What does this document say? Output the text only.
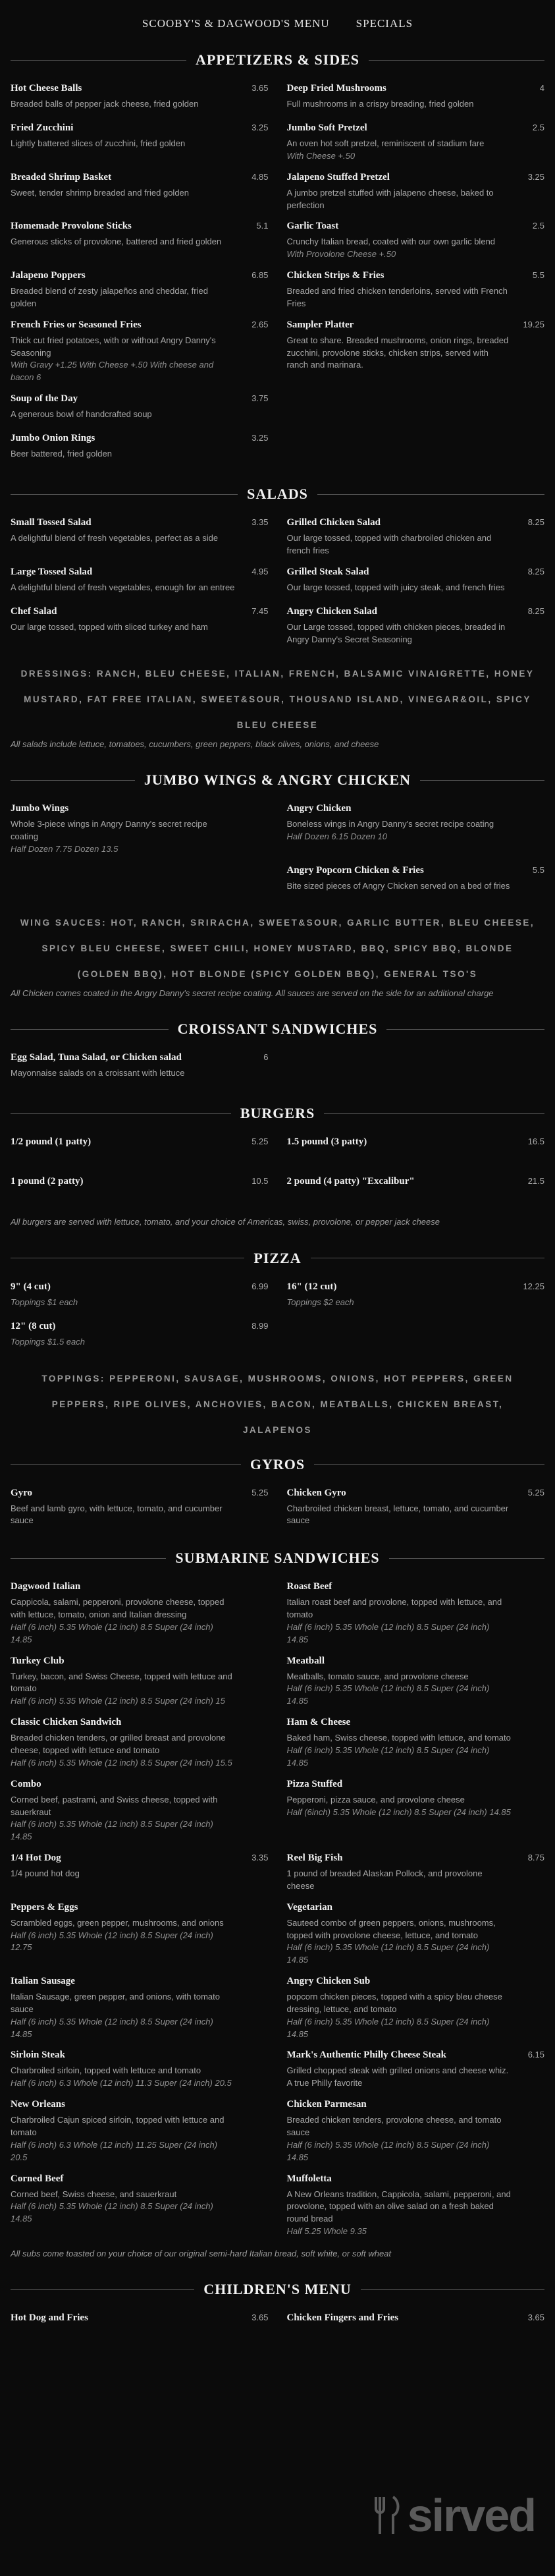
SCOOBY'S & DAGWOOD'S MENU SPECIALS
APPETIZERS & SIDES
Hot Cheese Balls	3.65
Breaded balls of pepper jack cheese, fried golden
Deep Fried Mushrooms	4
Full mushrooms in a crispy breading, fried golden
Fried Zucchini	3.25
Lightly battered slices of zucchini, fried golden
Jumbo Soft Pretzel	2.5
An oven hot soft pretzel, reminiscent of stadium fare
With Cheese +.50
Breaded Shrimp Basket	4.85
Sweet, tender shrimp breaded and fried golden
Jalapeno Stuffed Pretzel	3.25
A jumbo pretzel stuffed with jalapeno cheese, baked to perfection
Homemade Provolone Sticks	5.1
Generous sticks of provolone, battered and fried golden
Garlic Toast	2.5
Crunchy Italian bread, coated with our own garlic blend
With Provolone Cheese +.50
Jalapeno Poppers	6.85
Breaded blend of zesty jalapeños and cheddar, fried golden
Chicken Strips & Fries	5.5
Breaded and fried chicken tenderloins, served with French Fries
French Fries or Seasoned Fries	2.65
Thick cut fried potatoes, with or without Angry Danny's Seasoning
With Gravy +1.25 With Cheese +.50 With cheese and bacon 6
Sampler Platter	19.25
Great to share. Breaded mushrooms, onion rings, breaded zucchini, provolone sticks, chicken strips, served with ranch and marinara.
Soup of the Day	3.75
A generous bowl of handcrafted soup
Jumbo Onion Rings	3.25
Beer battered, fried golden
SALADS
Small Tossed Salad	3.35
A delightful blend of fresh vegetables, perfect as a side
Grilled Chicken Salad	8.25
Our large tossed, topped with charbroiled chicken and french fries
Large Tossed Salad	4.95
A delightful blend of fresh vegetables, enough for an entree
Grilled Steak Salad	8.25
Our large tossed, topped with juicy steak, and french fries
Chef Salad	7.45
Our large tossed, topped with sliced turkey and ham
Angry Chicken Salad	8.25
Our Large tossed, topped with chicken pieces, breaded in Angry Danny's Secret Seasoning
DRESSINGS: RANCH, BLEU CHEESE, ITALIAN, FRENCH, BALSAMIC VINAIGRETTE, HONEY MUSTARD, FAT FREE ITALIAN, SWEET&SOUR, THOUSAND ISLAND, VINEGAR&OIL, SPICY BLEU CHEESE
All salads include lettuce, tomatoes, cucumbers, green peppers, black olives, onions, and cheese
JUMBO WINGS & ANGRY CHICKEN
Jumbo Wings
Whole 3-piece wings in Angry Danny's secret recipe coating
Half Dozen 7.75 Dozen 13.5
Angry Chicken
Boneless wings in Angry Danny's secret recipe coating
Half Dozen 6.15 Dozen 10
Angry Popcorn Chicken & Fries	5.5
Bite sized pieces of Angry Chicken served on a bed of fries
WING SAUCES: HOT, RANCH, SRIRACHA, SWEET&SOUR, GARLIC BUTTER, BLEU CHEESE, SPICY BLEU CHEESE, SWEET CHILI, HONEY MUSTARD, BBQ, SPICY BBQ, BLONDE (GOLDEN BBQ), HOT BLONDE (SPICY GOLDEN BBQ), GENERAL TSO'S
All Chicken comes coated in the Angry Danny's secret recipe coating. All sauces are served on the side for an additional charge
CROISSANT SANDWICHES
Egg Salad, Tuna Salad, or Chicken salad	6
Mayonnaise salads on a croissant with lettuce
BURGERS
1/2 pound (1 patty)	5.25 1.5 pound (3 patty)	16.5
1 pound (2 patty)	10.5 2 pound (4 patty) "Excalibur"	21.5
All burgers are served with lettuce, tomato, and your choice of Americas, swiss, provolone, or pepper jack cheese
PIZZA
9" (4 cut)	6.99
Toppings $1 each
16" (12 cut)	12.25
Toppings $2 each
12" (8 cut)	8.99
Toppings $1.5 each
TOPPINGS: PEPPERONI, SAUSAGE, MUSHROOMS, ONIONS, HOT PEPPERS, GREEN PEPPERS, RIPE OLIVES, ANCHOVIES, BACON, MEATBALLS, CHICKEN BREAST, JALAPENOS
GYROS
Gyro	5.25
Beef and lamb gyro, with lettuce, tomato, and cucumber sauce
Chicken Gyro	5.25
Charbroiled chicken breast, lettuce, tomato, and cucumber sauce
SUBMARINE SANDWICHES
Dagwood Italian
Cappicola, salami, pepperoni, provolone cheese, topped with lettuce, tomato, onion and Italian dressing
Half (6 inch) 5.35 Whole (12 inch) 8.5 Super (24 inch) 14.85
Roast Beef
Italian roast beef and provolone, topped with lettuce, and tomato
Half (6 inch) 5.35 Whole (12 inch) 8.5 Super (24 inch) 14.85
Turkey Club
Turkey, bacon, and Swiss Cheese, topped with lettuce and tomato
Half (6 inch) 5.35 Whole (12 inch) 8.5 Super (24 inch) 15
Meatball
Meatballs, tomato sauce, and provolone cheese
Half (6 inch) 5.35 Whole (12 inch) 8.5 Super (24 inch) 14.85
Classic Chicken Sandwich
Breaded chicken tenders, or grilled breast and provolone cheese, topped with lettuce and tomato
Half (6 inch) 5.35 Whole (12 inch) 8.5 Super (24 inch) 15.5
Ham & Cheese
Baked ham, Swiss cheese, topped with lettuce, and tomato
Half (6 inch) 5.35 Whole (12 inch) 8.5 Super (24 inch) 14.85
Combo
Corned beef, pastrami, and Swiss cheese, topped with sauerkraut
Half (6 inch) 5.35 Whole (12 inch) 8.5 Super (24 inch) 14.85
Pizza Stuffed
Pepperoni, pizza sauce, and provolone cheese
Half (6inch) 5.35 Whole (12 inch) 8.5 Super (24 inch) 14.85
1/4 Hot Dog	3.35
1/4 pound hot dog
Reel Big Fish	8.75
1 pound of breaded Alaskan Pollock, and provolone cheese
Peppers & Eggs
Scrambled eggs, green pepper, mushrooms, and onions
Half (6 inch) 5.35 Whole (12 inch) 8.5 Super (24 inch) 12.75
Vegetarian
Sauteed combo of green peppers, onions, mushrooms, topped with provolone cheese, lettuce, and tomato
Half (6 inch) 5.35 Whole (12 inch) 8.5 Super (24 inch) 14.85
Italian Sausage
Italian Sausage, green pepper, and onions, with tomato sauce
Half (6 inch) 5.35 Whole (12 inch) 8.5 Super (24 inch) 14.85
Angry Chicken Sub
popcorn chicken pieces, topped with a spicy bleu cheese dressing, lettuce, and tomato
Half (6 inch) 5.35 Whole (12 inch) 8.5 Super (24 inch) 14.85
Sirloin Steak
Charbroiled sirloin, topped with lettuce and tomato
Half (6 inch) 6.3 Whole (12 inch) 11.3 Super (24 inch) 20.5
Mark's Authentic Philly Cheese Steak	6.15
Grilled chopped steak with grilled onions and cheese whiz. A true Philly favorite
New Orleans
Charbroiled Cajun spiced sirloin, topped with lettuce and tomato
Half (6 inch) 6.3 Whole (12 inch) 11.25 Super (24 inch) 20.5
Chicken Parmesan
Breaded chicken tenders, provolone cheese, and tomato sauce
Half (6 inch) 5.35 Whole (12 inch) 8.5 Super (24 inch) 14.85
Corned Beef
Corned beef, Swiss cheese, and sauerkraut
Half (6 inch) 5.35 Whole (12 inch) 8.5 Super (24 inch) 14.85
Muffoletta
A New Orleans tradition, Cappicola, salami, pepperoni, and provolone, topped with an olive salad on a fresh baked round bread
Half 5.25 Whole 9.35
All subs come toasted on your choice of our original semi-hard Italian bread, soft white, or soft wheat
CHILDREN'S MENU
Hot Dog and Fries	3.65 Chicken Fingers and Fries	3.65
sirved
